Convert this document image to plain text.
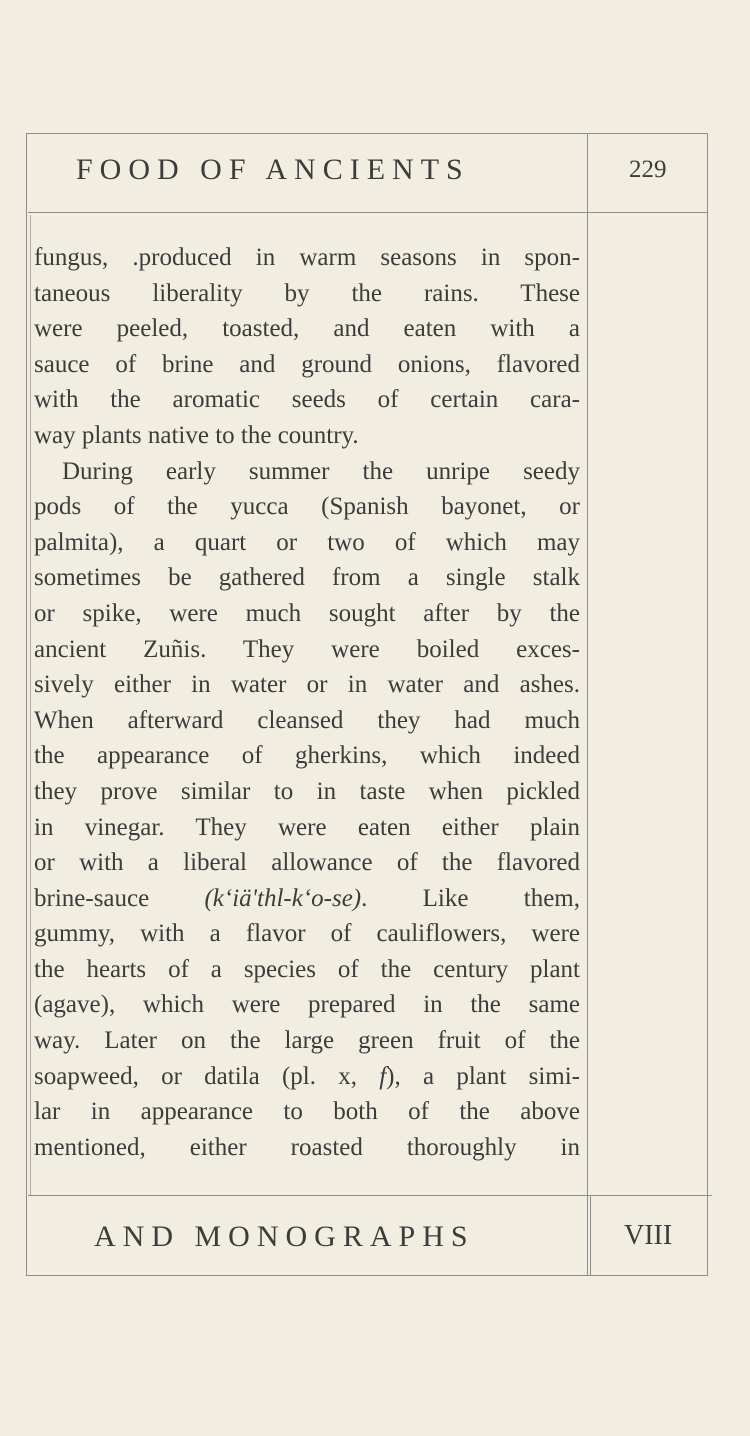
FOOD OF ANCIENTS	229
fungus, .produced in warm seasons in spon-
taneous liberality by the rains. These
were peeled, toasted, and eaten with a
sauce of brine and ground onions, flavored
with the aromatic seeds of certain cara-
way plants native to the country.
During early summer the unripe seedy
pods of the yucca (Spanish bayonet, or
palmita), a quart or two of which may
sometimes be gathered from a single stalk
or spike, were much sought after by the
ancient Zuñis. They were boiled exces-
sively either in water or in water and ashes.
When afterward cleansed they had much
the appearance of gherkins, which indeed
they prove similar to in taste when pickled
in vinegar. They were eaten either plain
or with a liberal allowance of the flavored
brine-sauce (k‘iä'thl-k‘o-se). Like them,
gummy, with a flavor of cauliflowers, were
the hearts of a species of the century plant
(agave), which were prepared in the same
way. Later on the large green fruit of the
soapweed, or datila (pl. x, f), a plant simi-
lar in appearance to both of the above
mentioned, either roasted thoroughly in
AND MONOGRAPHS	VIII
